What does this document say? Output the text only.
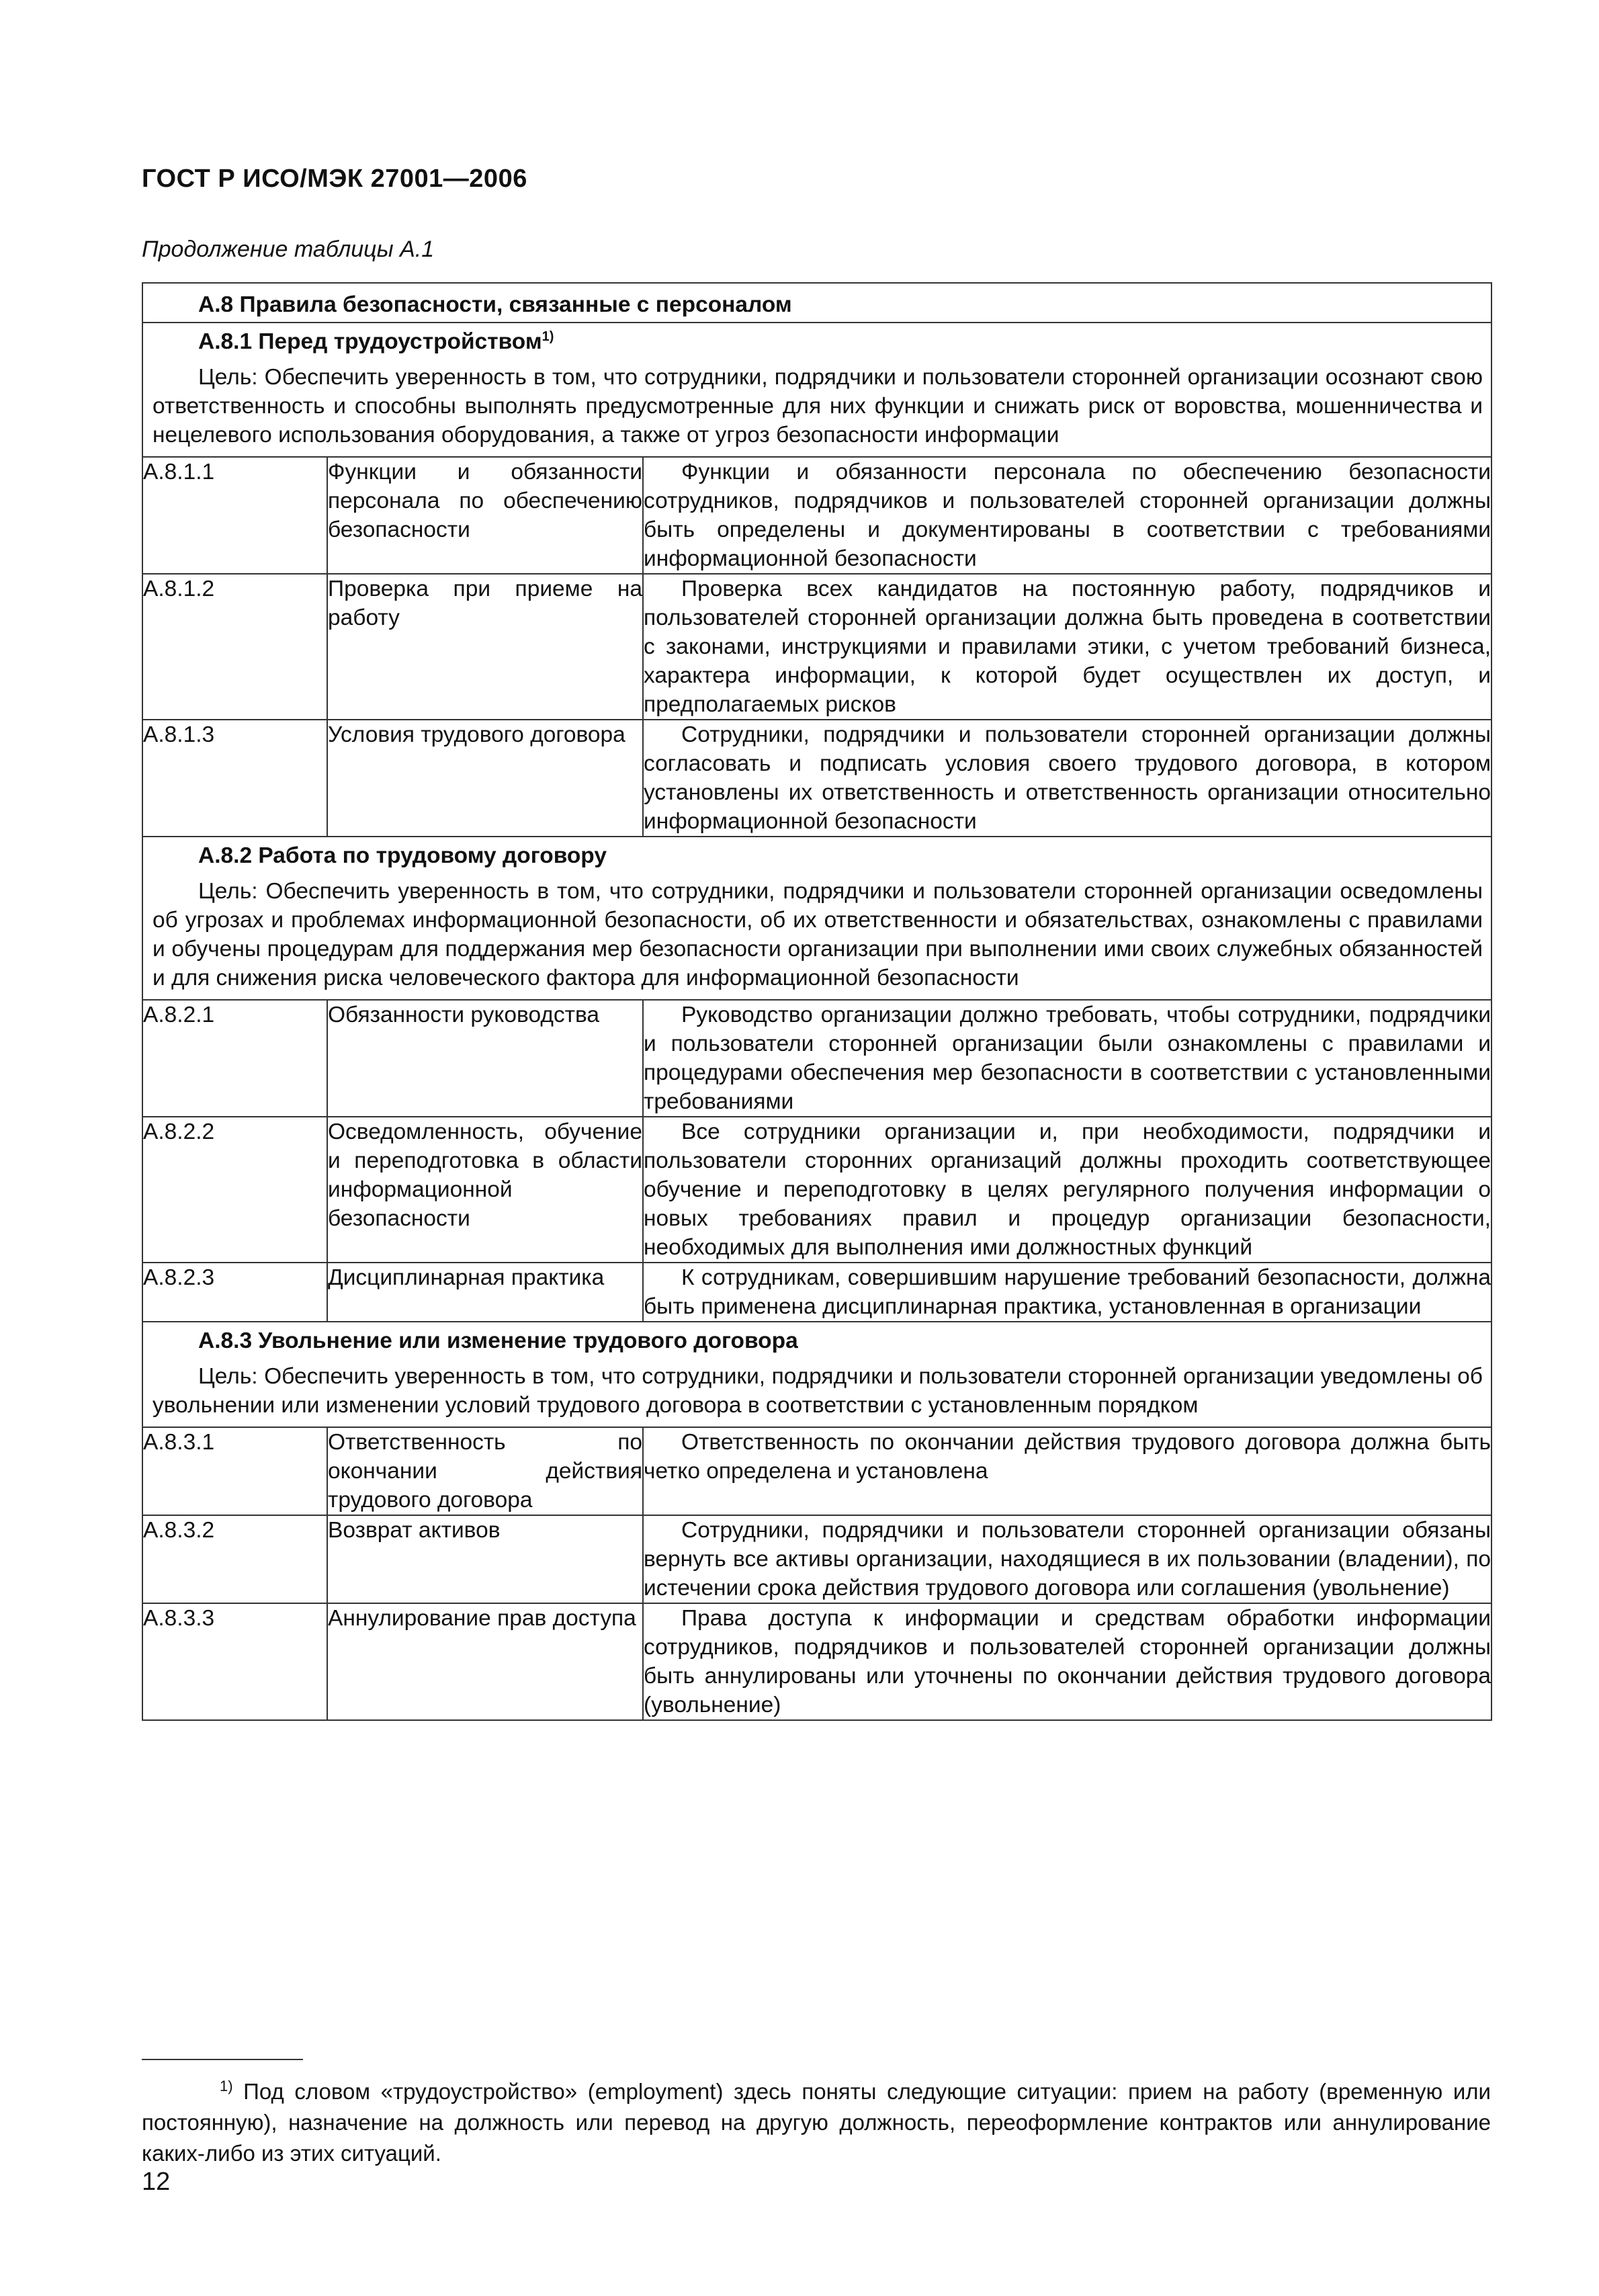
ГОСТ Р ИСО/МЭК 27001—2006
Продолжение таблицы А.1
А.8 Правила безопасности, связанные с персоналом		

А.8.1 Перед трудоустройством$^{1)}$
Цель: Обеспечить уверенность в том, что сотрудники, подрядчики и пользователи сторонней организации осознают свою ответственность и способны выполнять предусмотренные для них функции и снижать риск от воровства, мошенничества и нецелевого использования оборудования, а также от угроз безопасности информации		

А.8.1.1	Функции и обязанности персонала по обеспечению безопасности	Функции и обязанности персонала по обеспечению безопасности сотрудников, подрядчиков и пользователей сторонней организации должны быть определены и документированы в соответствии с требованиями информационной безопасности
А.8.1.2	Проверка при приеме на работу	Проверка всех кандидатов на постоянную работу, подрядчиков и пользователей сторонней организации должна быть проведена в соответствии с законами, инструкциями и правилами этики, с учетом требований бизнеса, характера информации, к которой будет осуществлен их доступ, и предполагаемых рисков
А.8.1.3	Условия трудового договора	Сотрудники, подрядчики и пользователи сторонней организации должны согласовать и подписать условия своего трудового договора, в котором установлены их ответственность и ответственность организации относительно информационной безопасности

А.8.2 Работа по трудовому договору
Цель: Обеспечить уверенность в том, что сотрудники, подрядчики и пользователи сторонней организации осведомлены об угрозах и проблемах информационной безопасности, об их ответственности и обязательствах, ознакомлены с правилами и обучены процедурам для поддержания мер безопасности организации при выполнении ими своих служебных обязанностей и для снижения риска человеческого фактора для информационной безопасности		

А.8.2.1	Обязанности руководства	Руководство организации должно требовать, чтобы сотрудники, подрядчики и пользователи сторонней организации были ознакомлены с правилами и процедурами обеспечения мер безопасности в соответствии с установленными требованиями
А.8.2.2	Осведомленность, обучение и переподготовка в области информационной безопасности	Все сотрудники организации и, при необходимости, подрядчики и пользователи сторонних организаций должны проходить соответствующее обучение и переподготовку в целях регулярного получения информации о новых требованиях правил и процедур организации безопасности, необходимых для выполнения ими должностных функций
А.8.2.3	Дисциплинарная практика	К сотрудникам, совершившим нарушение требований безопасности, должна быть применена дисциплинарная практика, установленная в организации

А.8.3 Увольнение или изменение трудового договора
Цель: Обеспечить уверенность в том, что сотрудники, подрядчики и пользователи сторонней организации уведомлены об увольнении или изменении условий трудового договора в соответствии с установленным порядком		

А.8.3.1	Ответственность по окончании действия трудового договора	Ответственность по окончании действия трудового договора должна быть четко определена и установлена
А.8.3.2	Возврат активов	Сотрудники, подрядчики и пользователи сторонней организации обязаны вернуть все активы организации, находящиеся в их пользовании (владении), по истечении срока действия трудового договора или соглашения (увольнение)
А.8.3.3	Аннулирование прав доступа	Права доступа к информации и средствам обработки информации сотрудников, подрядчиков и пользователей сторонней организации должны быть аннулированы или уточнены по окончании действия трудового договора (увольнение)
$^{1)}$ Под словом «трудоустройство» (employment) здесь поняты следующие ситуации: прием на работу (временную или постоянную), назначение на должность или перевод на другую должность, переоформление контрактов или аннулирование каких-либо из этих ситуаций.
12
